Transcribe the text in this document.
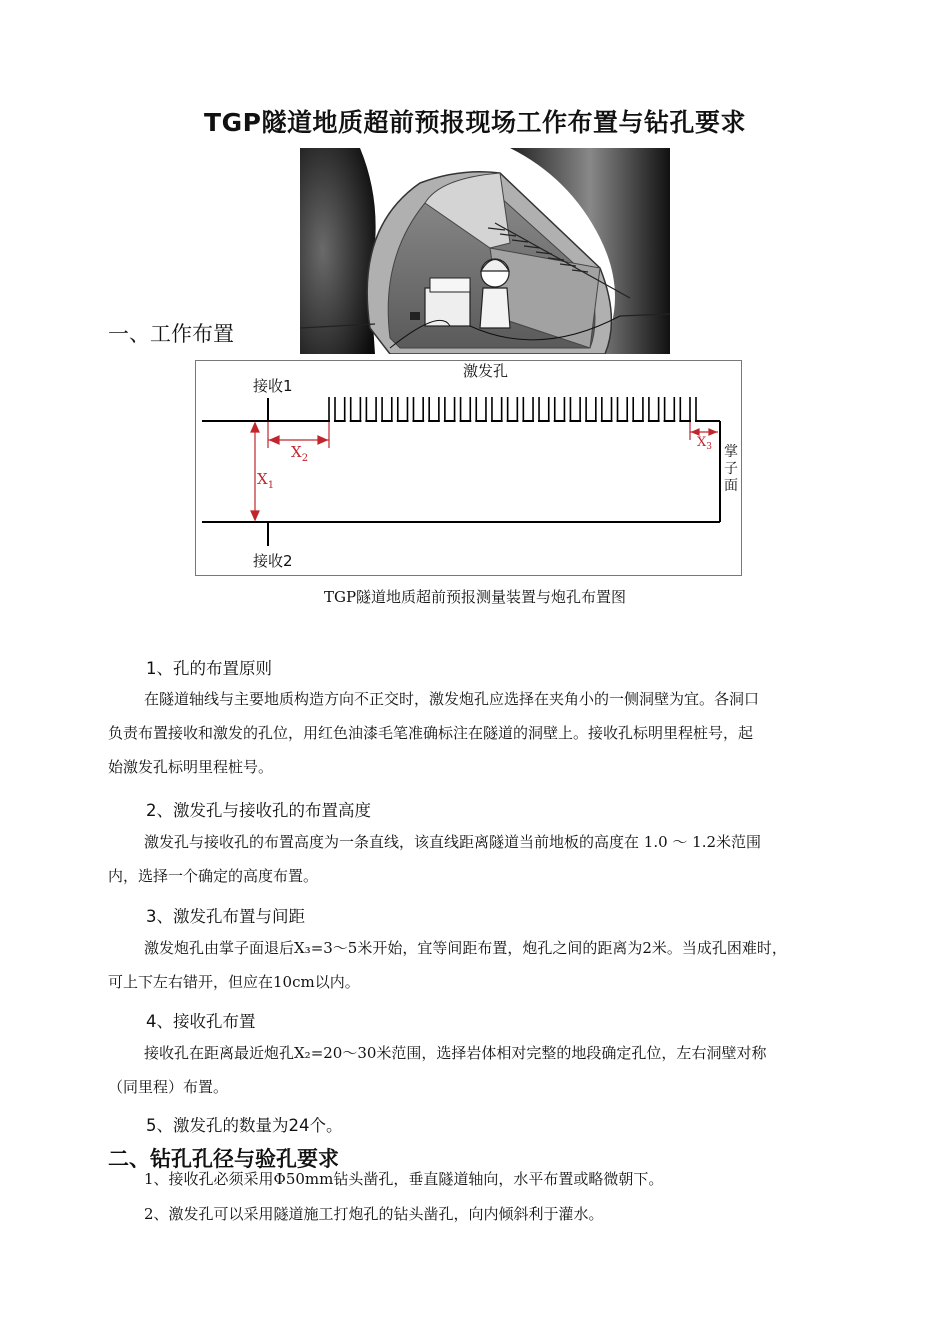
TGP隧道地质超前预报现场工作布置与钻孔要求
一、工作布置
接收1
接收2
激发孔
$X_1$
$X_2$
$X_3$ 掌
子
面
TGP隧道地质超前预报测量装置与炮孔布置图
1、孔的布置原则
在隧道轴线与主要地质构造方向不正交时，激发炮孔应选择在夹角小的一侧洞壁为宜。各洞口
负责布置接收和激发的孔位，用红色油漆毛笔准确标注在隧道的洞壁上。接收孔标明里程桩号，起
始激发孔标明里程桩号。
2、激发孔与接收孔的布置高度
激发孔与接收孔的布置高度为一条直线，该直线距离隧道当前地板的高度在 1.0 ～ 1.2米范围
内，选择一个确定的高度布置。
3、激发孔布置与间距
激发炮孔由掌子面退后X₃=3～5米开始，宜等间距布置，炮孔之间的距离为2米。当成孔困难时，
可上下左右错开，但应在10cm以内。
4、接收孔布置
接收孔在距离最近炮孔X₂=20～30米范围，选择岩体相对完整的地段确定孔位，左右洞壁对称
（同里程）布置。
5、激发孔的数量为24个。
二、钻孔孔径与验孔要求
1、接收孔必须采用Φ50mm钻头凿孔，垂直隧道轴向，水平布置或略微朝下。
2、激发孔可以采用隧道施工打炮孔的钻头凿孔，向内倾斜利于灌水。
